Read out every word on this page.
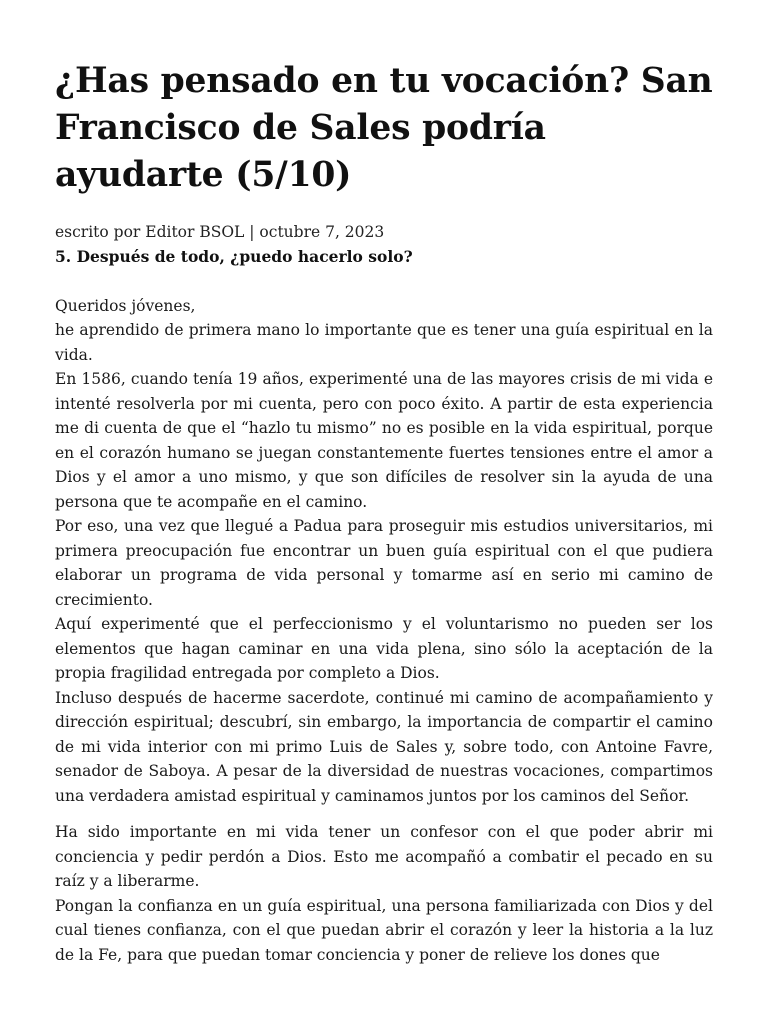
¿Has pensado en tu vocación? San Francisco de Sales podría ayudarte (5/10)
escrito por Editor BSOL | octubre 7, 2023

5. Después de todo, ¿puedo hacerlo solo?

Queridos jóvenes,

he aprendido de primera mano lo importante que es tener una guía espiritual en la vida.

En 1586, cuando tenía 19 años, experimenté una de las mayores crisis de mi vida e intenté resolverla por mi cuenta, pero con poco éxito. A partir de esta experiencia me di cuenta de que el “hazlo tu mismo” no es posible en la vida espiritual, porque en el corazón humano se juegan constantemente fuertes tensiones entre el amor a Dios y el amor a uno mismo, y que son difíciles de resolver sin la ayuda de una persona que te acompañe en el camino.

Por eso, una vez que llegué a Padua para proseguir mis estudios universitarios, mi primera preocupación fue encontrar un buen guía espiritual con el que pudiera elaborar un programa de vida personal y tomarme así en serio mi camino de crecimiento.

Aquí experimenté que el perfeccionismo y el voluntarismo no pueden ser los elementos que hagan caminar en una vida plena, sino sólo la aceptación de la propia fragilidad entregada por completo a Dios.

Incluso después de hacerme sacerdote, continué mi camino de acompañamiento y dirección espiritual; descubrí, sin embargo, la importancia de compartir el camino de mi vida interior con mi primo Luis de Sales y, sobre todo, con Antoine Favre, senador de Saboya. A pesar de la diversidad de nuestras vocaciones, compartimos una verdadera amistad espiritual y caminamos juntos por los caminos del Señor.

Ha sido importante en mi vida tener un confesor con el que poder abrir mi conciencia y pedir perdón a Dios. Esto me acompañó a combatir el pecado en su raíz y a liberarme.

Pongan la confianza en un guía espiritual, una persona familiarizada con Dios y del cual tienes confianza, con el que puedan abrir el corazón y leer la historia a la luz de la Fe, para que puedan tomar conciencia y poner de relieve los dones que
